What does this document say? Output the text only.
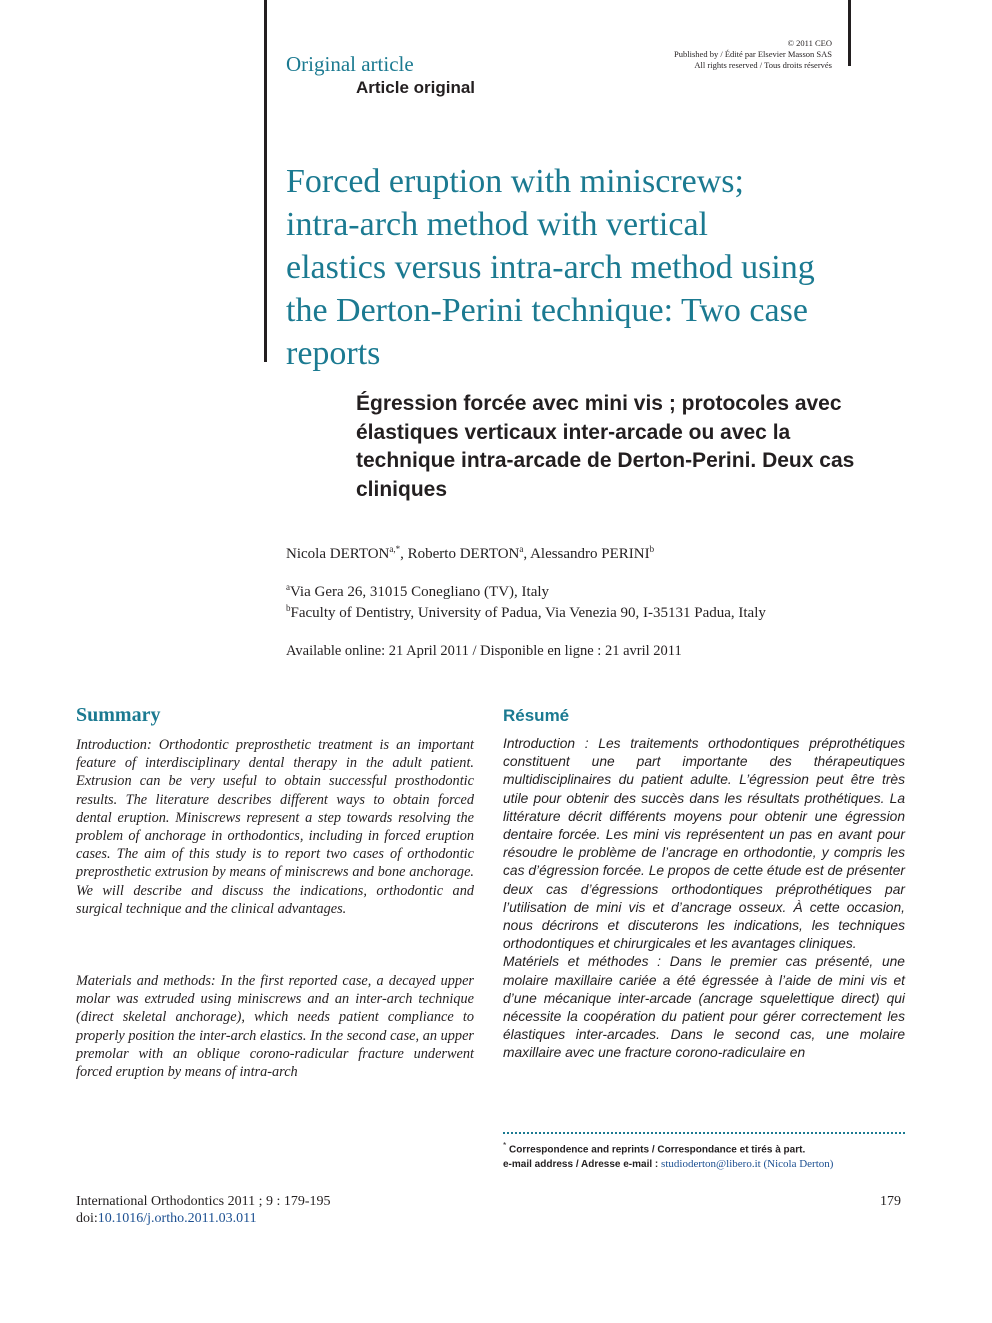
Original article
Article original
© 2011 CEO
Published by / Édité par Elsevier Masson SAS
All rights reserved / Tous droits réservés
Forced eruption with miniscrews;
intra-arch method with vertical
elastics versus intra-arch method using
the Derton-Perini technique: Two case
reports
Égression forcée avec mini vis ; protocoles avec
élastiques verticaux inter-arcade ou avec la
technique intra-arcade de Derton-Perini. Deux cas
cliniques
Nicola $DERTON^{a,*}$, Roberto DERTON$^a$, Alessandro PERINI$^b$
$^a$Via Gera 26, 31015 Conegliano (TV), Italy
$^b$Faculty of Dentistry, University of Padua, Via Venezia 90, I-35131 Padua, Italy
Available online: 21 April 2011 / Disponible en ligne : 21 avril 2011
Summary	Résumé
Introduction: Orthodontic preprosthetic treatment is an important feature of interdisciplinary dental therapy in the adult patient. Extrusion can be very useful to obtain successful prosthodontic results. The literature describes different ways to obtain forced dental eruption. Miniscrews represent a step towards resolving the problem of anchorage in orthodontics, including in forced eruption cases. The aim of this study is to report two cases of orthodontic preprosthetic extrusion by means of miniscrews and bone anchorage. We will describe and discuss the indications, orthodontic and surgical technique and the clinical advantages.
Materials and methods: In the first reported case, a decayed upper molar was extruded using miniscrews and an inter-arch technique (direct skeletal anchorage), which needs patient compliance to properly position the inter-arch elastics. In the second case, an upper premolar with an oblique corono-radicular fracture underwent forced eruption by means of intra-arch

Introduction : Les traitements orthodontiques préprothétiques constituent une part importante des thérapeutiques multidisciplinaires du patient adulte. L’égression peut être très utile pour obtenir des succès dans les résultats prothétiques. La littérature décrit différents moyens pour obtenir une égression dentaire forcée. Les mini vis représentent un pas en avant pour résoudre le problème de l’ancrage en orthodontie, y compris les cas d’égression forcée. Le propos de cette étude est de présenter deux cas d’égressions orthodontiques préprothétiques par l’utilisation de mini vis et d’ancrage osseux. À cette occasion, nous décrirons et discuterons les indications, les techniques orthodontiques et chirurgicales et les avantages cliniques.

Matériels et méthodes : Dans le premier cas présenté, une molaire maxillaire cariée a été égressée à l’aide de mini vis et d’une mécanique inter-arcade (ancrage squelettique direct) qui nécessite la coopération du patient pour gérer correctement les élastiques inter-arcades. Dans le second cas, une molaire maxillaire avec une fracture corono-radiculaire en

* Correspondence and reprints / Correspondance et tirés à part.
e-mail address / Adresse e-mail : studioderton@libero.it (Nicola Derton)
International Orthodontics 2011 ; 9 : 179-195
doi:10.1016/j.ortho.2011.03.011
179
